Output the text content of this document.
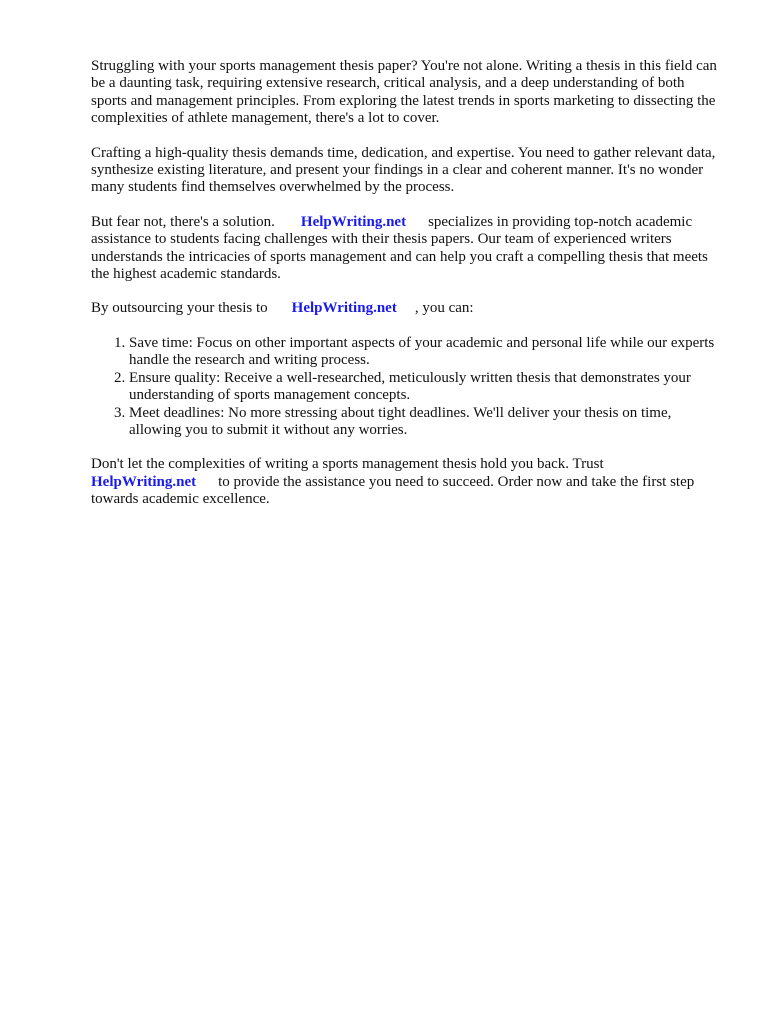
Struggling with your sports management thesis paper? You're not alone. Writing a thesis in this field can be a daunting task, requiring extensive research, critical analysis, and a deep understanding of both sports and management principles. From exploring the latest trends in sports marketing to dissecting the complexities of athlete management, there's a lot to cover.

Crafting a high-quality thesis demands time, dedication, and expertise. You need to gather relevant data, synthesize existing literature, and present your findings in a clear and coherent manner. It's no wonder many students find themselves overwhelmed by the process.

But fear not, there's a solution. HelpWriting.net specializes in providing top-notch academic assistance to students facing challenges with their thesis papers. Our team of experienced writers understands the intricacies of sports management and can help you craft a compelling thesis that meets the highest academic standards.

By outsourcing your thesis to HelpWriting.net , you can:

1. Save time: Focus on other important aspects of your academic and personal life while our experts handle the research and writing process.
2. Ensure quality: Receive a well-researched, meticulously written thesis that demonstrates your understanding of sports management concepts.
3. Meet deadlines: No more stressing about tight deadlines. We'll deliver your thesis on time, allowing you to submit it without any worries.

Don't let the complexities of writing a sports management thesis hold you back. Trust
HelpWriting.net to provide the assistance you need to succeed. Order now and take the first step towards academic excellence.
